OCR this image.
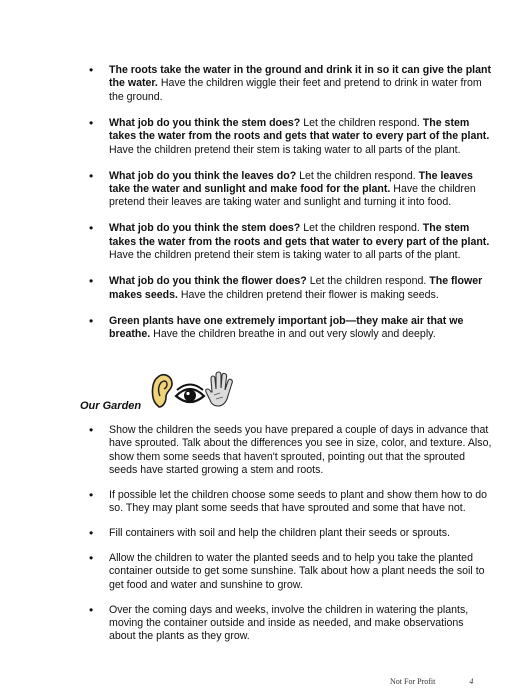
• The roots take the water in the ground and drink it in so it can give the plant the water. Have the children wiggle their feet and pretend to drink in water from the ground.
• What job do you think the stem does? Let the children respond. The stem takes the water from the roots and gets that water to every part of the plant. Have the children pretend their stem is taking water to all parts of the plant.
• What job do you think the leaves do? Let the children respond. The leaves take the water and sunlight and make food for the plant. Have the children pretend their leaves are taking water and sunlight and turning it into food.
• What job do you think the stem does? Let the children respond. The stem takes the water from the roots and gets that water to every part of the plant. Have the children pretend their stem is taking water to all parts of the plant.
• What job do you think the flower does? Let the children respond. The flower makes seeds. Have the children pretend their flower is making seeds.
• Green plants have one extremely important job—they make air that we breathe. Have the children breathe in and out very slowly and deeply.
Our Garden
• Show the children the seeds you have prepared a couple of days in advance that have sprouted. Talk about the differences you see in size, color, and texture. Also, show them some seeds that haven't sprouted, pointing out that the sprouted seeds have started growing a stem and roots.
• If possible let the children choose some seeds to plant and show them how to do so. They may plant some seeds that have sprouted and some that have not.
• Fill containers with soil and help the children plant their seeds or sprouts.
• Allow the children to water the planted seeds and to help you take the planted container outside to get some sunshine. Talk about how a plant needs the soil to get food and water and sunshine to grow.
• Over the coming days and weeks, involve the children in watering the plants, moving the container outside and inside as needed, and make observations about the plants as they grow.
Not For Profit	4
